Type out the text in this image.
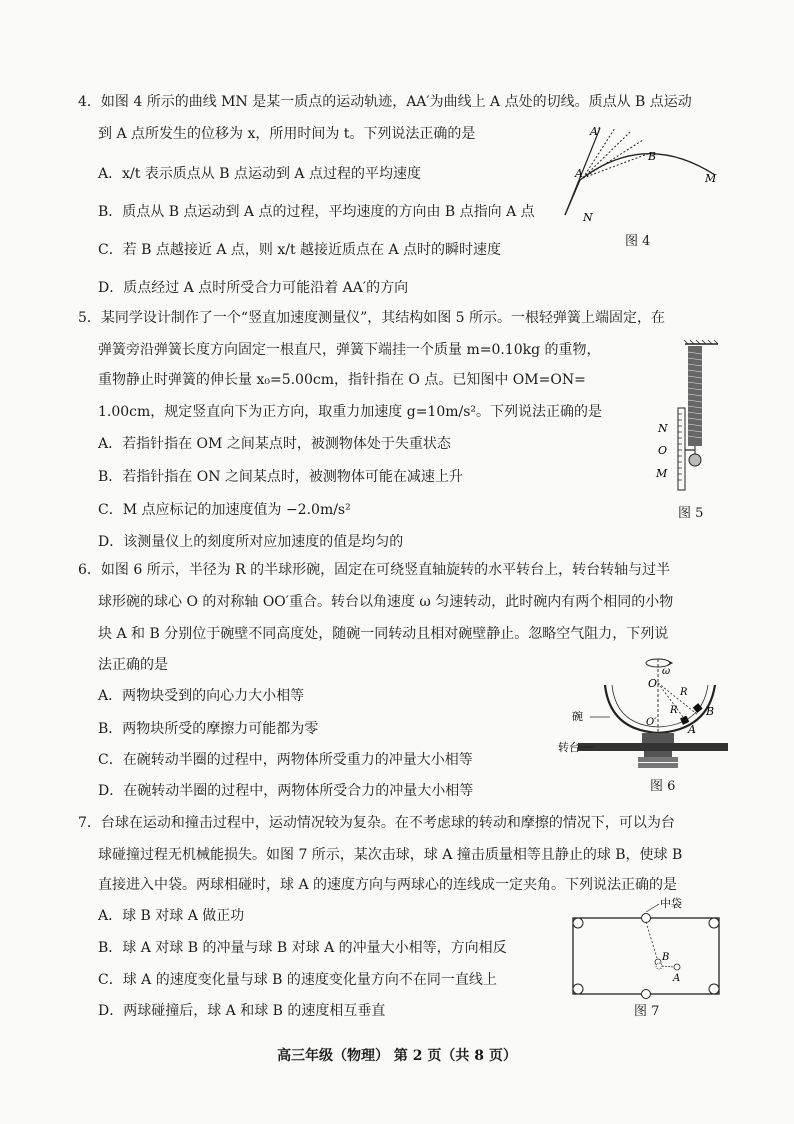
4．如图 4 所示的曲线 MN 是某一质点的运动轨迹，AA′为曲线上 A 点处的切线。质点从 B 点运动
到 A 点所发生的位移为 x，所用时间为 t。下列说法正确的是
A．x/t 表示质点从 B 点运动到 A 点过程的平均速度
B．质点从 B 点运动到 A 点的过程，平均速度的方向由 B 点指向 A 点
C．若 B 点越接近 A 点，则 x/t 越接近质点在 A 点时的瞬时速度
D．质点经过 A 点时所受合力可能沿着 AA′的方向
A′
B
M
A
N
图 4
5．某同学设计制作了一个“竖直加速度测量仪”，其结构如图 5 所示。一根轻弹簧上端固定，在
弹簧旁沿弹簧长度方向固定一根直尺，弹簧下端挂一个质量 m=0.10kg 的重物，
重物静止时弹簧的伸长量 x₀=5.00cm，指针指在 O 点。已知图中 OM=ON=
1.00cm，规定竖直向下为正方向，取重力加速度 g=10m/s²。下列说法正确的是
A．若指针指在 OM 之间某点时，被测物体处于失重状态
B．若指针指在 ON 之间某点时，被测物体可能在减速上升
C．M 点应标记的加速度值为 −2.0m/s²
D．该测量仪上的刻度所对应加速度的值是均匀的
N
O
M
图 5
6．如图 6 所示，半径为 R 的半球形碗，固定在可绕竖直轴旋转的水平转台上，转台转轴与过半
球形碗的球心 O 的对称轴 OO′重合。转台以角速度 ω 匀速转动，此时碗内有两个相同的小物
块 A 和 B 分别位于碗壁不同高度处，随碗一同转动且相对碗壁静止。忽略空气阻力，下列说
法正确的是
A．两物块受到的向心力大小相等
B．两物块所受的摩擦力可能都为零
C．在碗转动半圈的过程中，两物体所受重力的冲量大小相等
D．在碗转动半圈的过程中，两物体所受合力的冲量大小相等
ω
O
R
R	B
A
O′
碗
转台
图 6
7．台球在运动和撞击过程中，运动情况较为复杂。在不考虑球的转动和摩擦的情况下，可以为台
球碰撞过程无机械能损失。如图 7 所示，某次击球，球 A 撞击质量相等且静止的球 B，使球 B
直接进入中袋。两球相碰时，球 A 的速度方向与两球心的连线成一定夹角。下列说法正确的是
A．球 B 对球 A 做正功
B．球 A 对球 B 的冲量与球 B 对球 A 的冲量大小相等，方向相反
C．球 A 的速度变化量与球 B 的速度变化量方向不在同一直线上
D．两球碰撞后，球 A 和球 B 的速度相互垂直
中袋
B
A
图 7
高三年级（物理） 第 2 页（共 8 页）
